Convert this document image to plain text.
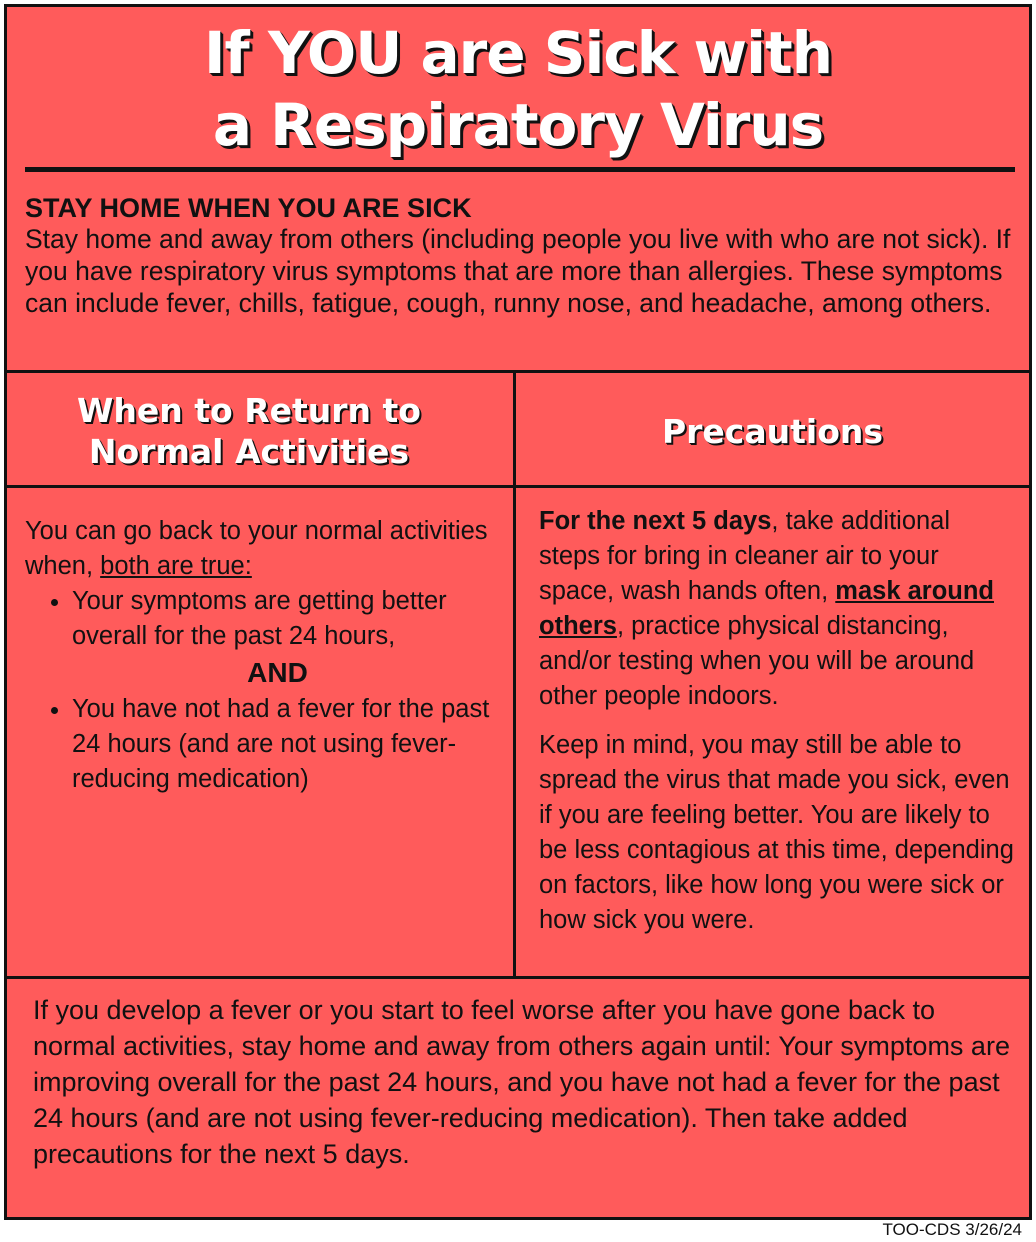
If YOU are Sick with
a Respiratory Virus
STAY HOME WHEN YOU ARE SICK

Stay home and away from others (including people you live with who are not sick). If you have respiratory virus symptoms that are more than allergies. These symptoms can include fever, chills, fatigue, cough, runny nose, and headache, among others.

When to Return to
Normal Activities
Precautions

You can go back to your normal activities when, both are true:

• Your symptoms are getting better overall for the past 24 hours,
AND
• You have not had a fever for the past 24 hours (and are not using fever-reducing medication)

For the next 5 days, take additional steps for bring in cleaner air to your space, wash hands often, mask around others, practice physical distancing, and/or testing when you will be around other people indoors.

Keep in mind, you may still be able to spread the virus that made you sick, even if you are feeling better. You are likely to be less contagious at this time, depending on factors, like how long you were sick or how sick you were.

If you develop a fever or you start to feel worse after you have gone back to normal activities, stay home and away from others again until: Your symptoms are improving overall for the past 24 hours, and you have not had a fever for the past 24 hours (and are not using fever-reducing medication). Then take added precautions for the next 5 days.

TOO-CDS 3/26/24
